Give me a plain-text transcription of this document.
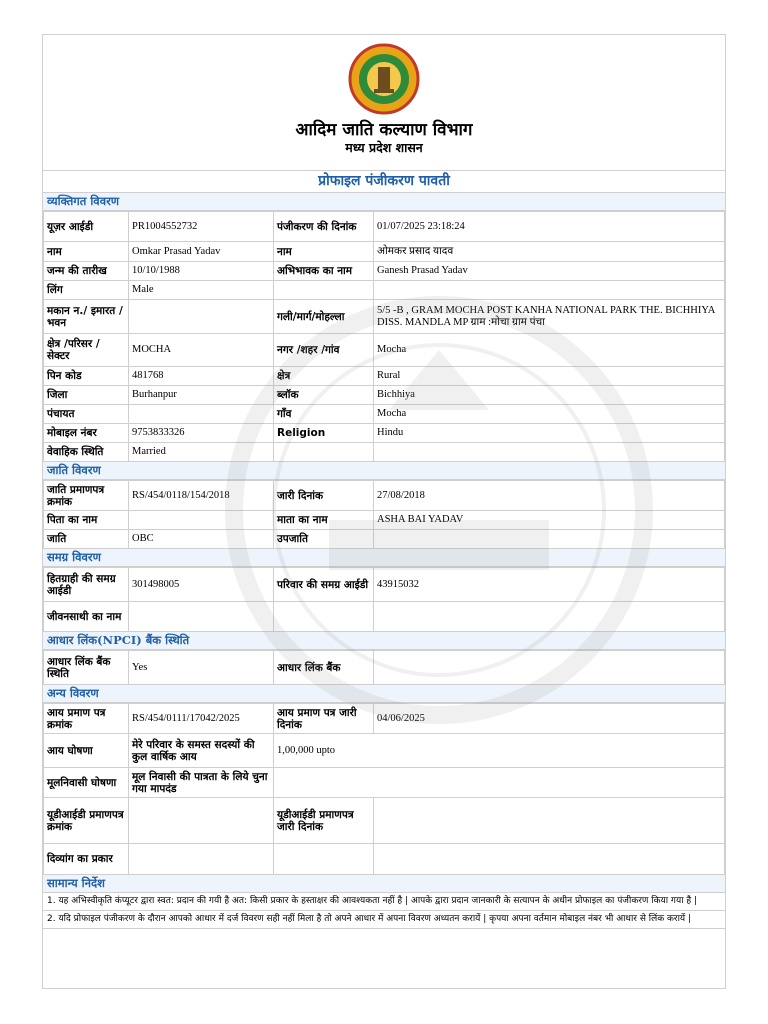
आदिम जाति कल्याण विभाग
मध्य प्रदेश शासन
प्रोफाइल पंजीकरण पावती
व्यक्तिगत विवरण
यूज़र आईडी	PR1004552732	पंजीकरण की दिनांक	01/07/2025 23:18:24
नाम	Omkar Prasad Yadav	नाम	ओमकर प्रसाद यादव
जन्म की तारीख	10/10/1988	अभिभावक का नाम	Ganesh Prasad Yadav
लिंग	Male		
मकान न./ इमारत /भवन		गली/मार्ग/मोहल्ला	5/5 -B , GRAM MOCHA POST KANHA NATIONAL PARK THE. BICHHIYA DISS. MANDLA MP ग्राम :मोचा ग्राम पंचा
क्षेत्र /परिसर / सेक्टर	MOCHA	नगर /शहर /गांव	Mocha
पिन कोड	481768	क्षेत्र	Rural
जिला	Burhanpur	ब्लॉक	Bichhiya
पंचायत		गाँव	Mocha
मोबाइल नंबर	9753833326	Religion	Hindu
वेवाहिक स्थिति	Married		
जाति विवरण
जाति प्रमाणपत्र क्रमांक	RS/454/0118/154/2018	जारी दिनांक	27/08/2018
पिता का नाम		माता का नाम	ASHA BAI YADAV
जाति	OBC	उपजाति	
समग्र विवरण
हितग्राही की समग्र आईडी	301498005	परिवार की समग्र आईडी	43915032
जीवनसाथी का नाम			
आधार लिंक(NPCI) बैंक स्थिति
आधार लिंक बैंक स्थिति	Yes	आधार लिंक बैंक	
अन्य विवरण
आय प्रमाण पत्र क्रमांक	RS/454/0111/17042/2025	आय प्रमाण पत्र जारी दिनांक	04/06/2025
आय घोषणा	मेरे परिवार के समस्त सदस्यों की कुल वार्षिक आय	1,00,000 upto	
मूलनिवासी घोषणा	मूल निवासी की पात्रता के लिये चुना गया मापदंड		
यूडीआईडी प्रमाणपत्र क्रमांक		यूडीआईडी प्रमाणपत्र जारी दिनांक	
दिव्यांग का प्रकार			
सामान्य निर्देश
1. यह अभिस्वीकृति कंप्यूटर द्वारा स्वत: प्रदान की गयी है अत: किसी प्रकार के हस्ताक्षर की आवश्यकता नहीं है | आपके द्वारा प्रदान जानकारी के सत्यापन के अधीन प्रोफाइल का पंजीकरण किया गया है |
2. यदि प्रोफाइल पंजीकरण के दौरान आपको आधार में दर्ज विवरण सही नहीं मिला है तो अपने आधार में अपना विवरण अध्यतन करायें | कृपया अपना वर्तमान मोबाइल नंबर भी आधार से लिंक करायें |
